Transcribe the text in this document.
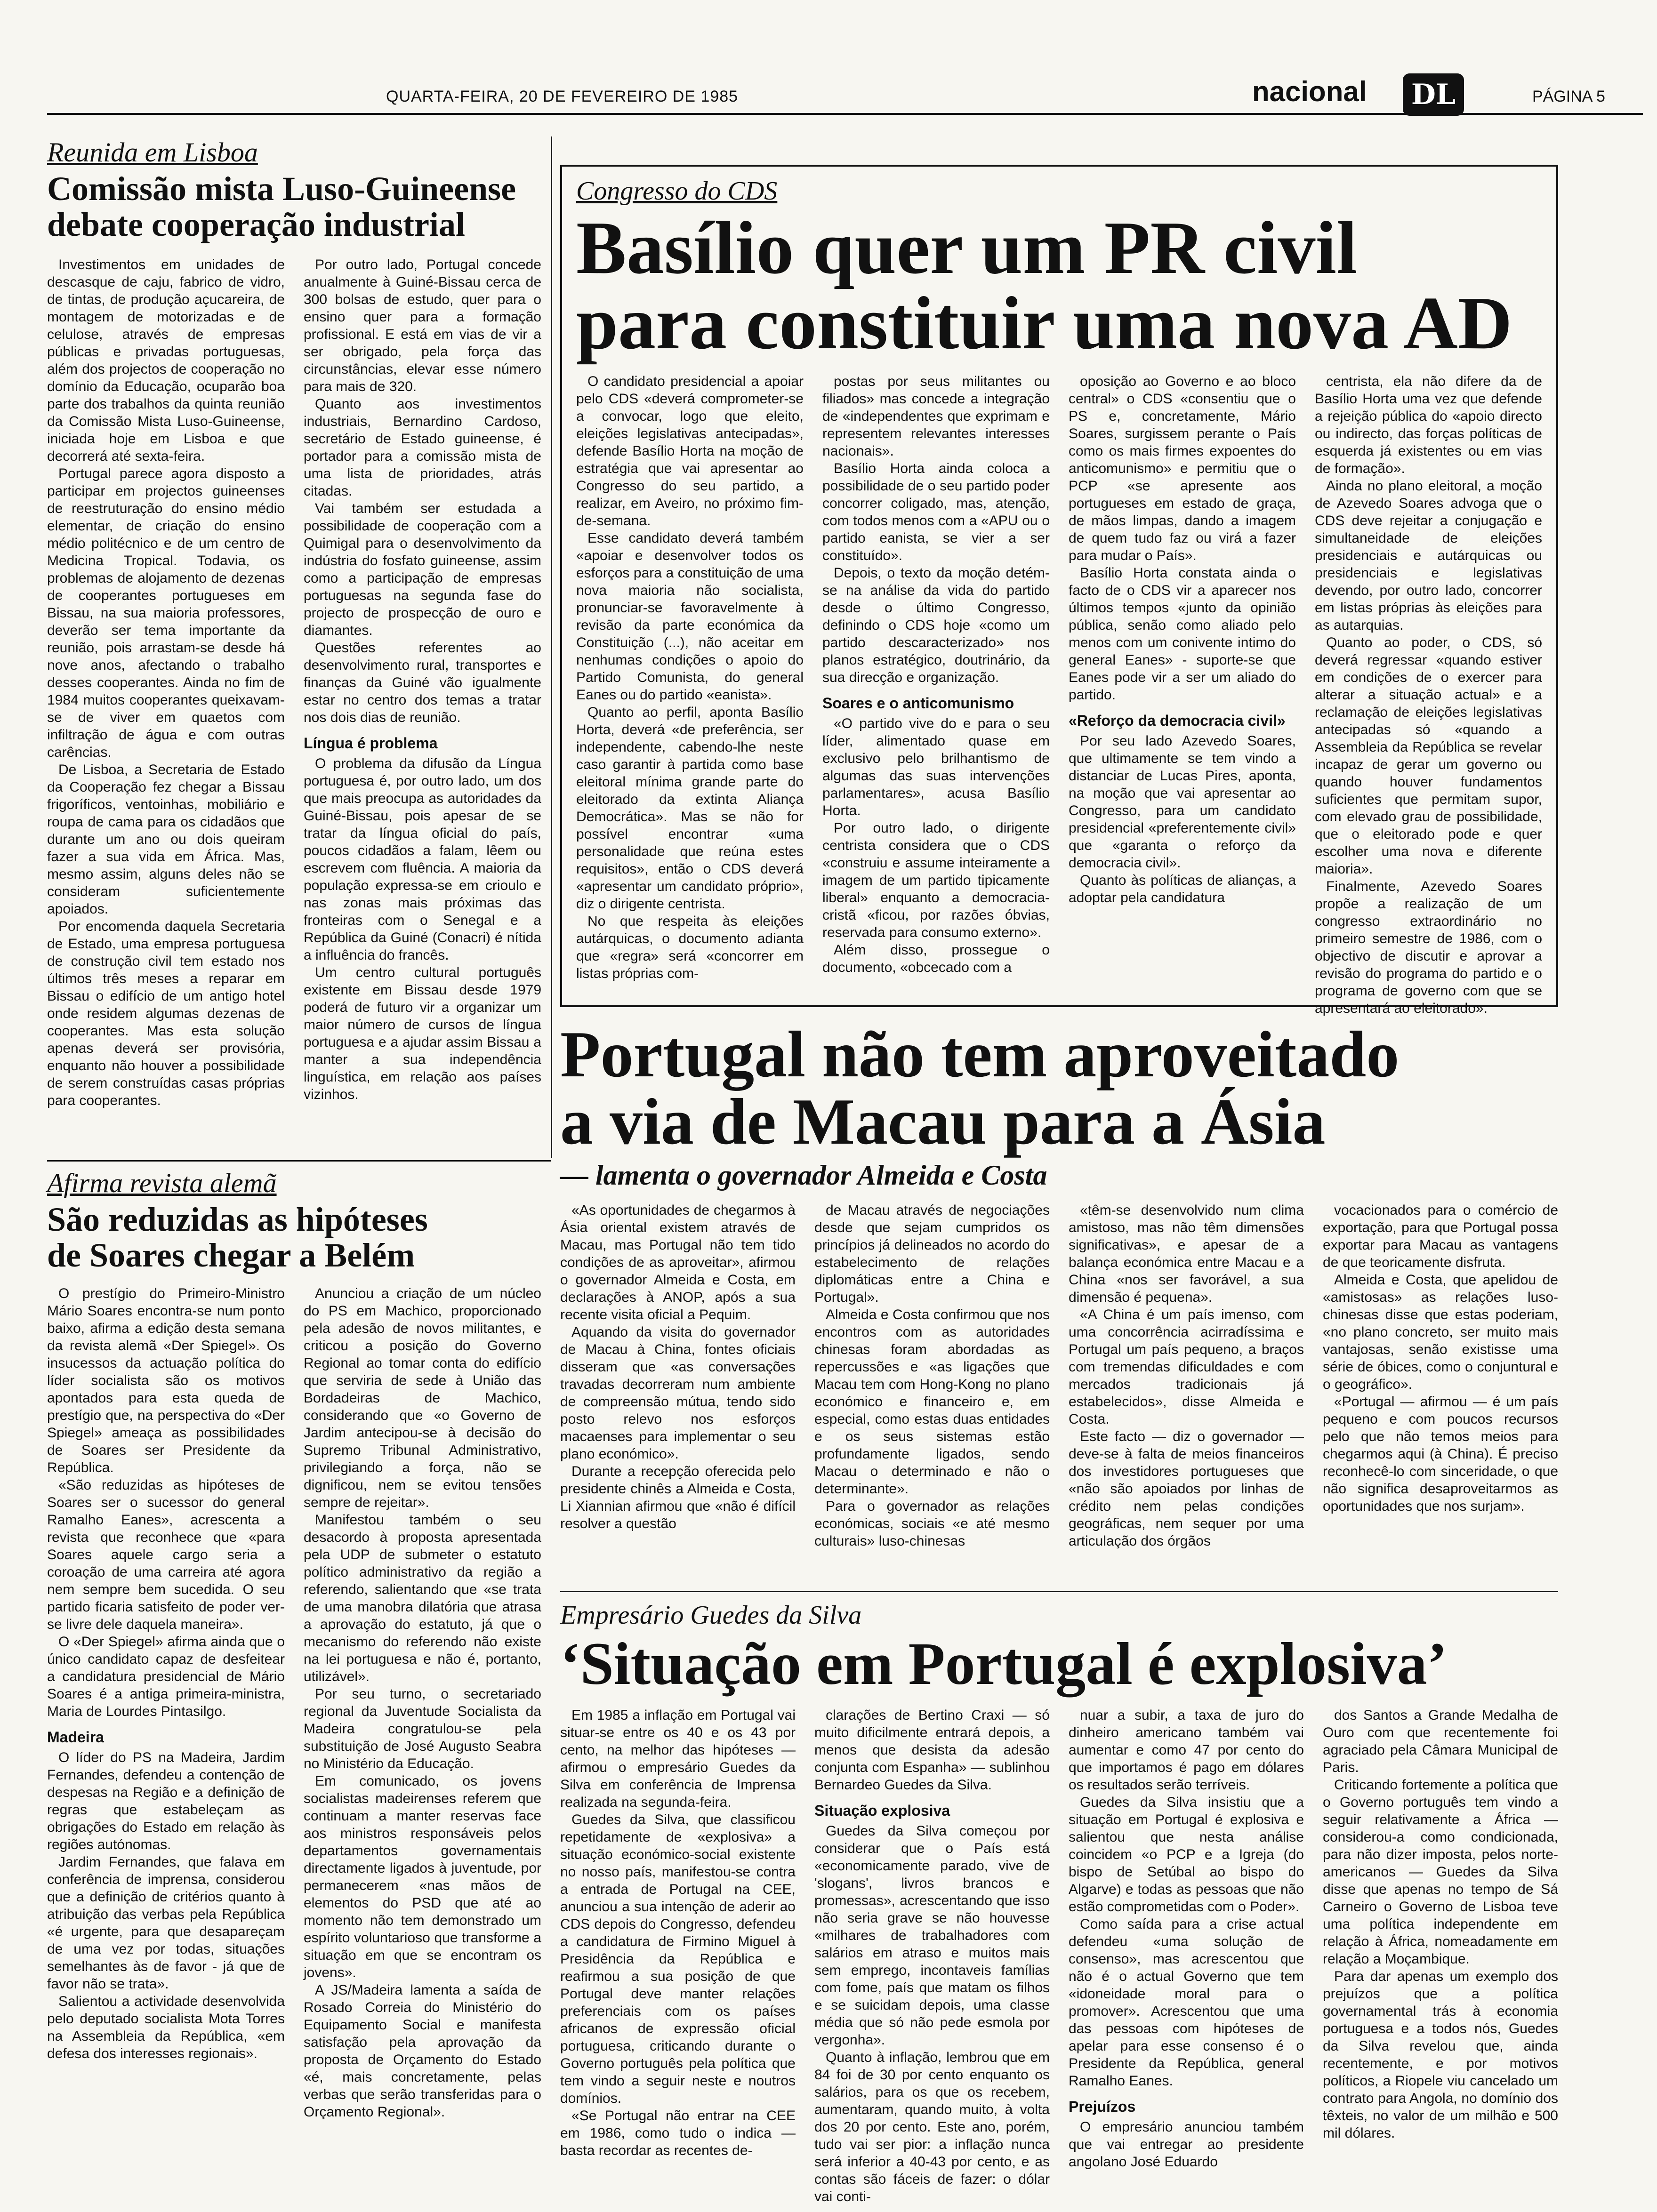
QUARTA-FEIRA, 20 DE FEVEREIRO DE 1985	nacional DL	PÁGINA 5
Reunida em Lisboa
Comissão mista Luso-Guineense
debate cooperação industrial

Investimentos em unidades de descasque de caju, fabrico de vidro, de tintas, de produção açucareira, de montagem de motorizadas e de celulose, através de empresas públicas e privadas portuguesas, além dos projectos de cooperação no domínio da Educação, ocuparão boa parte dos trabalhos da quinta reunião da Comissão Mista Luso-Guineense, iniciada hoje em Lisboa e que decorrerá até sexta-feira.

Portugal parece agora disposto a participar em projectos guineenses de reestruturação do ensino médio elementar, de criação do ensino médio politécnico e de um centro de Medicina Tropical. Todavia, os problemas de alojamento de dezenas de cooperantes portugueses em Bissau, na sua maioria professores, deverão ser tema importante da reunião, pois arrastam-se desde há nove anos, afectando o trabalho desses cooperantes. Ainda no fim de 1984 muitos cooperantes queixavam-se de viver em quaetos com infiltração de água e com outras carências.

De Lisboa, a Secretaria de Estado da Cooperação fez chegar a Bissau frigoríficos, ventoinhas, mobiliário e roupa de cama para os cidadãos que durante um ano ou dois queiram fazer a sua vida em África. Mas, mesmo assim, alguns deles não se consideram suficientemente apoiados.

Por encomenda daquela Secretaria de Estado, uma empresa portuguesa de construção civil tem estado nos últimos três meses a reparar em Bissau o edifício de um antigo hotel onde residem algumas dezenas de cooperantes. Mas esta solução apenas deverá ser provisória, enquanto não houver a possibilidade de serem construídas casas próprias para cooperantes.

Por outro lado, Portugal concede anualmente à Guiné-Bissau cerca de 300 bolsas de estudo, quer para o ensino quer para a formação profissional. E está em vias de vir a ser obrigado, pela força das circunstâncias, elevar esse número para mais de 320.

Quanto aos investimentos industriais, Bernardino Cardoso, secretário de Estado guineense, é portador para a comissão mista de uma lista de prioridades, atrás citadas.

Vai também ser estudada a possibilidade de cooperação com a Quimigal para o desenvolvimento da indústria do fosfato guineense, assim como a participação de empresas portuguesas na segunda fase do projecto de prospecção de ouro e diamantes.

Questões referentes ao desenvolvimento rural, transportes e finanças da Guiné vão igualmente estar no centro dos temas a tratar nos dois dias de reunião.

Língua é problema

O problema da difusão da Língua portuguesa é, por outro lado, um dos que mais preocupa as autoridades da Guiné-Bissau, pois apesar de se tratar da língua oficial do país, poucos cidadãos a falam, lêem ou escrevem com fluência. A maioria da população expressa-se em crioulo e nas zonas mais próximas das fronteiras com o Senegal e a República da Guiné (Conacri) é nítida a influência do francês.

Um centro cultural português existente em Bissau desde 1979 poderá de futuro vir a organizar um maior número de cursos de língua portuguesa e a ajudar assim Bissau a manter a sua independência linguística, em relação aos países vizinhos.

Congresso do CDS
Basílio quer um PR civil
para constituir uma nova AD

O candidato presidencial a apoiar pelo CDS «deverá comprometer-se a convocar, logo que eleito, eleições legislativas antecipadas», defende Basílio Horta na moção de estratégia que vai apresentar ao Congresso do seu partido, a realizar, em Aveiro, no próximo fim-de-semana.

Esse candidato deverá também «apoiar e desenvolver todos os esforços para a constituição de uma nova maioria não socialista, pronunciar-se favoravelmente à revisão da parte económica da Constituição (...), não aceitar em nenhumas condições o apoio do Partido Comunista, do general Eanes ou do partido «eanista».

Quanto ao perfil, aponta Basílio Horta, deverá «de preferência, ser independente, cabendo-lhe neste caso garantir à partida como base eleitoral mínima grande parte do eleitorado da extinta Aliança Democrática». Mas se não for possível encontrar «uma personalidade que reúna estes requisitos», então o CDS deverá «apresentar um candidato próprio», diz o dirigente centrista.

No que respeita às eleições autárquicas, o documento adianta que «regra» será «concorrer em listas próprias com-

postas por seus militantes ou filiados» mas concede a integração de «independentes que exprimam e representem relevantes interesses nacionais».

Basílio Horta ainda coloca a possibilidade de o seu partido poder concorrer coligado, mas, atenção, com todos menos com a «APU ou o partido eanista, se vier a ser constituído».

Depois, o texto da moção detém-se na análise da vida do partido desde o último Congresso, definindo o CDS hoje «como um partido descaracterizado» nos planos estratégico, doutrinário, da sua direcção e organização.

Soares e o anticomunismo

«O partido vive do e para o seu líder, alimentado quase em exclusivo pelo brilhantismo de algumas das suas intervenções parlamentares», acusa Basílio Horta.

Por outro lado, o dirigente centrista considera que o CDS «construiu e assume inteiramente a imagem de um partido tipicamente liberal» enquanto a democracia-cristã «ficou, por razões óbvias, reservada para consumo externo».

Além disso, prossegue o documento, «obcecado com a

oposição ao Governo e ao bloco central» o CDS «consentiu que o PS e, concretamente, Mário Soares, surgissem perante o País como os mais firmes expoentes do anticomunismo» e permitiu que o PCP «se apresente aos portugueses em estado de graça, de mãos limpas, dando a imagem de quem tudo faz ou virá a fazer para mudar o País».

Basílio Horta constata ainda o facto de o CDS vir a aparecer nos últimos tempos «junto da opinião pública, senão como aliado pelo menos com um conivente intimo do general Eanes» - suporte-se que Eanes pode vir a ser um aliado do partido.

«Reforço da democracia civil»

Por seu lado Azevedo Soares, que ultimamente se tem vindo a distanciar de Lucas Pires, aponta, na moção que vai apresentar ao Congresso, para um candidato presidencial «preferentemente civil» que «garanta o reforço da democracia civil».

Quanto às políticas de alianças, a adoptar pela candidatura

centrista, ela não difere da de Basílio Horta uma vez que defende a rejeição pública do «apoio directo ou indirecto, das forças políticas de esquerda já existentes ou em vias de formação».

Ainda no plano eleitoral, a moção de Azevedo Soares advoga que o CDS deve rejeitar a conjugação e simultaneidade de eleições presidenciais e autárquicas ou presidenciais e legislativas devendo, por outro lado, concorrer em listas próprias às eleições para as autarquias.

Quanto ao poder, o CDS, só deverá regressar «quando estiver em condições de o exercer para alterar a situação actual» e a reclamação de eleições legislativas antecipadas só «quando a Assembleia da República se revelar incapaz de gerar um governo ou quando houver fundamentos suficientes que permitam supor, com elevado grau de possibilidade, que o eleitorado pode e quer escolher uma nova e diferente maioria».

Finalmente, Azevedo Soares propõe a realização de um congresso extraordinário no primeiro semestre de 1986, com o objectivo de discutir e aprovar a revisão do programa do partido e o programa de governo com que se apresentará ao eleitorado».

Afirma revista alemã
São reduzidas as hipóteses
de Soares chegar a Belém

O prestígio do Primeiro-Ministro Mário Soares encontra-se num ponto baixo, afirma a edição desta semana da revista alemã «Der Spiegel». Os insucessos da actuação política do líder socialista são os motivos apontados para esta queda de prestígio que, na perspectiva do «Der Spiegel» ameaça as possibilidades de Soares ser Presidente da República.

«São reduzidas as hipóteses de Soares ser o sucessor do general Ramalho Eanes», acrescenta a revista que reconhece que «para Soares aquele cargo seria a coroação de uma carreira até agora nem sempre bem sucedida. O seu partido ficaria satisfeito de poder ver-se livre dele daquela maneira».

O «Der Spiegel» afirma ainda que o único candidato capaz de desfeitear a candidatura presidencial de Mário Soares é a antiga primeira-ministra, Maria de Lourdes Pintasilgo.

Madeira

O líder do PS na Madeira, Jardim Fernandes, defendeu a contenção de despesas na Região e a definição de regras que estabeleçam as obrigações do Estado em relação às regiões autónomas.

Jardim Fernandes, que falava em conferência de imprensa, considerou que a definição de critérios quanto à atribuição das verbas pela República «é urgente, para que desapareçam de uma vez por todas, situações semelhantes às de favor - já que de favor não se trata».

Salientou a actividade desenvolvida pelo deputado socialista Mota Torres na Assembleia da República, «em defesa dos interesses regionais».

Anunciou a criação de um núcleo do PS em Machico, proporcionado pela adesão de novos militantes, e criticou a posição do Governo Regional ao tomar conta do edifício que serviria de sede à União das Bordadeiras de Machico, considerando que «o Governo de Jardim antecipou-se à decisão do Supremo Tribunal Administrativo, privilegiando a força, não se dignificou, nem se evitou tensões sempre de rejeitar».

Manifestou também o seu desacordo à proposta apresentada pela UDP de submeter o estatuto político administrativo da região a referendo, salientando que «se trata de uma manobra dilatória que atrasa a aprovação do estatuto, já que o mecanismo do referendo não existe na lei portuguesa e não é, portanto, utilizável».

Por seu turno, o secretariado regional da Juventude Socialista da Madeira congratulou-se pela substituição de José Augusto Seabra no Ministério da Educação.

Em comunicado, os jovens socialistas madeirenses referem que continuam a manter reservas face aos ministros responsáveis pelos departamentos governamentais directamente ligados à juventude, por permanecerem «nas mãos de elementos do PSD que até ao momento não tem demonstrado um espírito voluntarioso que transforme a situação em que se encontram os jovens».

A JS/Madeira lamenta a saída de Rosado Correia do Ministério do Equipamento Social e manifesta satisfação pela aprovação da proposta de Orçamento do Estado «é, mais concretamente, pelas verbas que serão transferidas para o Orçamento Regional».

Portugal não tem aproveitado
a via de Macau para a Ásia
— lamenta o governador Almeida e Costa

«As oportunidades de chegarmos à Ásia oriental existem através de Macau, mas Portugal não tem tido condições de as aproveitar», afirmou o governador Almeida e Costa, em declarações à ANOP, após a sua recente visita oficial a Pequim.

Aquando da visita do governador de Macau à China, fontes oficiais disseram que «as conversações travadas decorreram num ambiente de compreensão mútua, tendo sido posto relevo nos esforços macaenses para implementar o seu plano económico».

Durante a recepção oferecida pelo presidente chinês a Almeida e Costa, Li Xiannian afirmou que «não é difícil resolver a questão

de Macau através de negociações desde que sejam cumpridos os princípios já delineados no acordo do estabelecimento de relações diplomáticas entre a China e Portugal».

Almeida e Costa confirmou que nos encontros com as autoridades chinesas foram abordadas as repercussões e «as ligações que Macau tem com Hong-Kong no plano económico e financeiro e, em especial, como estas duas entidades e os seus sistemas estão profundamente ligados, sendo Macau o determinado e não o determinante».

Para o governador as relações económicas, sociais «e até mesmo culturais» luso-chinesas

«têm-se desenvolvido num clima amistoso, mas não têm dimensões significativas», e apesar de a balança económica entre Macau e a China «nos ser favorável, a sua dimensão é pequena».

«A China é um país imenso, com uma concorrência acirradíssima e Portugal um país pequeno, a braços com tremendas dificuldades e com mercados tradicionais já estabelecidos», disse Almeida e Costa.

Este facto — diz o governador — deve-se à falta de meios financeiros dos investidores portugueses que «não são apoiados por linhas de crédito nem pelas condições geográficas, nem sequer por uma articulação dos órgãos

vocacionados para o comércio de exportação, para que Portugal possa exportar para Macau as vantagens de que teoricamente disfruta.

Almeida e Costa, que apelidou de «amistosas» as relações luso-chinesas disse que estas poderiam, «no plano concreto, ser muito mais vantajosas, senão existisse uma série de óbices, como o conjuntural e o geográfico».

«Portugal — afirmou — é um país pequeno e com poucos recursos pelo que não temos meios para chegarmos aqui (à China). É preciso reconhecê-lo com sinceridade, o que não significa desaproveitarmos as oportunidades que nos surjam».

Empresário Guedes da Silva
‘Situação em Portugal é explosiva’

Em 1985 a inflação em Portugal vai situar-se entre os 40 e os 43 por cento, na melhor das hipóteses — afirmou o empresário Guedes da Silva em conferência de Imprensa realizada na segunda-feira.

Guedes da Silva, que classificou repetidamente de «explosiva» a situação económico-social existente no nosso país, manifestou-se contra a entrada de Portugal na CEE, anunciou a sua intenção de aderir ao CDS depois do Congresso, defendeu a candidatura de Firmino Miguel à Presidência da República e reafirmou a sua posição de que Portugal deve manter relações preferenciais com os países africanos de expressão oficial portuguesa, criticando durante o Governo português pela política que tem vindo a seguir neste e noutros domínios.

«Se Portugal não entrar na CEE em 1986, como tudo o indica — basta recordar as recentes de-

clarações de Bertino Craxi — só muito dificilmente entrará depois, a menos que desista da adesão conjunta com Espanha» — sublinhou Bernardeo Guedes da Silva.

Situação explosiva

Guedes da Silva começou por considerar que o País está «economicamente parado, vive de 'slogans', livros brancos e promessas», acrescentando que isso não seria grave se não houvesse «milhares de trabalhadores com salários em atraso e muitos mais sem emprego, incontaveis famílias com fome, país que matam os filhos e se suicidam depois, uma classe média que só não pede esmola por vergonha».

Quanto à inflação, lembrou que em 84 foi de 30 por cento enquanto os salários, para os que os recebem, aumentaram, quando muito, à volta dos 20 por cento. Este ano, porém, tudo vai ser pior: a inflação nunca será inferior a 40-43 por cento, e as contas são fáceis de fazer: o dólar vai conti-

nuar a subir, a taxa de juro do dinheiro americano também vai aumentar e como 47 por cento do que importamos é pago em dólares os resultados serão terríveis.

Guedes da Silva insistiu que a situação em Portugal é explosiva e salientou que nesta análise coincidem «o PCP e a Igreja (do bispo de Setúbal ao bispo do Algarve) e todas as pessoas que não estão comprometidas com o Poder».

Como saída para a crise actual defendeu «uma solução de consenso», mas acrescentou que não é o actual Governo que tem «idoneidade moral para o promover». Acrescentou que uma das pessoas com hipóteses de apelar para esse consenso é o Presidente da República, general Ramalho Eanes.

Prejuízos

O empresário anunciou também que vai entregar ao presidente angolano José Eduardo

dos Santos a Grande Medalha de Ouro com que recentemente foi agraciado pela Câmara Municipal de Paris.

Criticando fortemente a política que o Governo português tem vindo a seguir relativamente a África — considerou-a como condicionada, para não dizer imposta, pelos norte-americanos — Guedes da Silva disse que apenas no tempo de Sá Carneiro o Governo de Lisboa teve uma política independente em relação à África, nomeadamente em relação a Moçambique.

Para dar apenas um exemplo dos prejuízos que a política governamental trás à economia portuguesa e a todos nós, Guedes da Silva revelou que, ainda recentemente, e por motivos políticos, a Riopele viu cancelado um contrato para Angola, no domínio dos têxteis, no valor de um milhão e 500 mil dólares.
